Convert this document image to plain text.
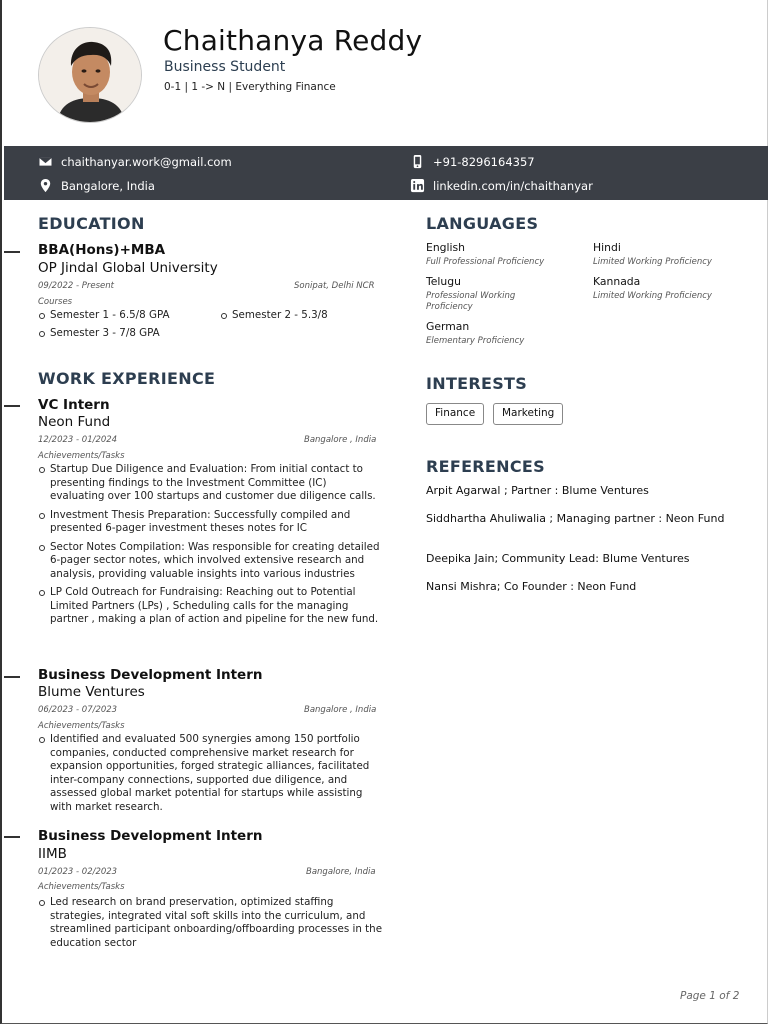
Chaithanya Reddy
Business Student
0-1 | 1 -> N | Everything Finance
chaithanyar.work@gmail.com	+91-8296164357
Bangalore, India	linkedin.com/in/chaithanyar
EDUCATION
BBA(Hons)+MBA
OP Jindal Global University
09/2022 - Present	Sonipat, Delhi NCR
Courses
Semester 1 - 6.5/8 GPA	Semester 2 - 5.3/8
Semester 3 - 7/8 GPA
WORK EXPERIENCE
VC Intern
Neon Fund
12/2023 - 01/2024	Bangalore , India
Achievements/Tasks
Startup Due Diligence and Evaluation: From initial contact to presenting findings to the Investment Committee (IC) evaluating over 100 startups and customer due diligence calls.
Investment Thesis Preparation: Successfully compiled and presented 6-pager investment theses notes for IC
Sector Notes Compilation: Was responsible for creating detailed 6-pager sector notes, which involved extensive research and analysis, providing valuable insights into various industries
LP Cold Outreach for Fundraising: Reaching out to Potential Limited Partners (LPs) , Scheduling calls for the managing partner , making a plan of action and pipeline for the new fund.
Business Development Intern
Blume Ventures
06/2023 - 07/2023	Bangalore , India
Achievements/Tasks
Identified and evaluated 500 synergies among 150 portfolio companies, conducted comprehensive market research for expansion opportunities, forged strategic alliances, facilitated inter-company connections, supported due diligence, and assessed global market potential for startups while assisting with market research.
Business Development Intern
IIMB
01/2023 - 02/2023	Bangalore, India
Achievements/Tasks
Led research on brand preservation, optimized staffing strategies, integrated vital soft skills into the curriculum, and streamlined participant onboarding/offboarding processes in the education sector
LANGUAGES
English
Full Professional Proficiency
Hindi
Limited Working Proficiency
Telugu
Professional Working Proficiency
Kannada
Limited Working Proficiency
German
Elementary Proficiency
INTERESTS
Finance	Marketing
REFERENCES
Arpit Agarwal ; Partner : Blume Ventures
Siddhartha Ahuliwalia ; Managing partner : Neon Fund
Deepika Jain; Community Lead: Blume Ventures
Nansi Mishra; Co Founder : Neon Fund
Page 1 of 2
